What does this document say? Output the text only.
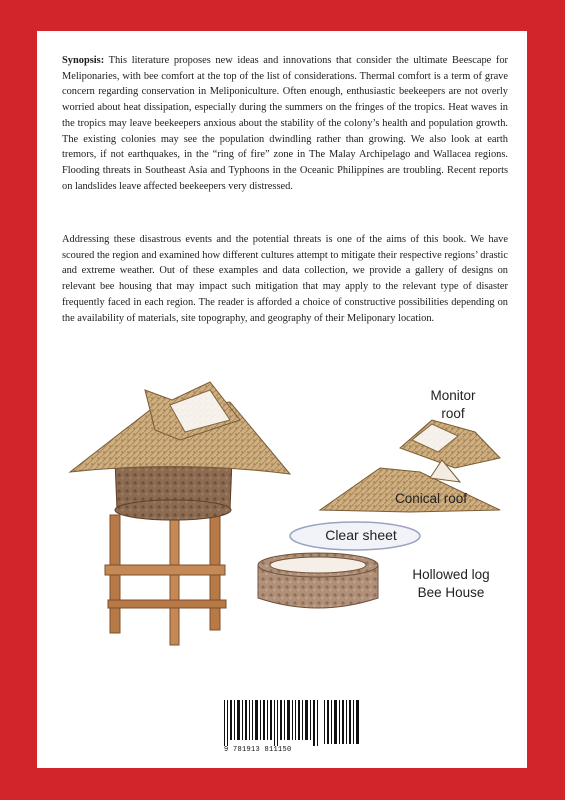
Synopsis: This literature proposes new ideas and innovations that consider the ultimate Beescape for Meliponaries, with bee comfort at the top of the list of considerations. Thermal comfort is a term of grave concern regarding conservation in Meliponiculture. Often enough, enthusiastic beekeepers are not overly worried about heat dissipation, especially during the summers on the fringes of the tropics. Heat waves in the tropics may leave beekeepers anxious about the stability of the colony’s health and population growth. The existing colonies may see the population dwindling rather than growing. We also look at earth tremors, if not earthquakes, in the “ring of fire” zone in The Malay Archipelago and Wallacea regions. Flooding threats in Southeast Asia and Typhoons in the Oceanic Philippines are troubling. Recent reports on landslides leave affected beekeepers very distressed.
Addressing these disastrous events and the potential threats is one of the aims of this book. We have scoured the region and examined how different cultures attempt to mitigate their respective regions’ drastic and extreme weather. Out of these examples and data collection, we provide a gallery of designs on relevant bee housing that may impact such mitigation that may apply to the relevant type of disaster frequently faced in each region. The reader is afforded a choice of constructive possibilities depending on the availability of materials, site topography, and geography of their Meliponary location.
Monitor
roof
Conical roof
Clear sheet
Hollowed log
Bee House
9 781913 811150
